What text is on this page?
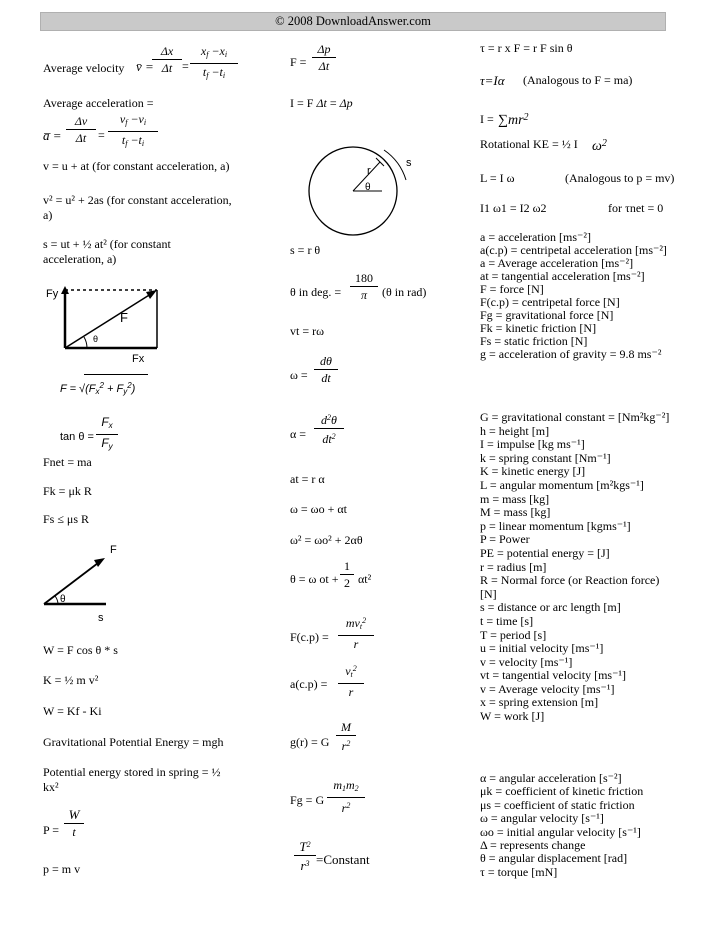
© 2008 DownloadAnswer.com
Average velocity v̄ =
Δx
Δt =
$x_f -x_i$
$t_f -t_i$
Average acceleration =
a̅ =
Δv
Δt =
$v_f -v_i$
$t_f -t_i$
v = u + at (for constant acceleration, a)
v² = u² + 2as (for constant acceleration,
a)
s = ut + ½ at² (for constant
acceleration, a)
Fy
Fx
F
θ
$F = √(F_x^2 + F_y^2)$
tan θ =
$F_x$
$F_y$
Fnet = ma
Fk = μk R
Fs ≤ μs R
F
θ
s
W = F cos θ * s
K = ½ m v²
W = Kf - Ki
Gravitational Potential Energy = mgh
Potential energy stored in spring = ½
kx²
P =
W
t
p = m v
F =
Δp
Δt
I = F Δt = Δp
r
θ
s
s = r θ
θ in deg. =
180
π	(θ in rad)
vt = rω
ω =
dθ
dt
α =
$d^2\theta$
$dt^2$
at = r α
ω = ωo + αt
ω² = ωo² + 2αθ
θ = ω ot +
1
2 αt²
F(c.p) =
$mv_t^2$
r
a(c.p) =
$v_t^2$
r
g(r) = G
M
$r^2$
Fg = G
$m_1m_2$
$r^2$
$T^2$
$r^3$ =Constant
τ = r x F = r F sin θ
τ=Iα (Analogous to F = ma)
$I = \sum mr^2$
Rotational KE = ½ I $\omega^2$
L = I ω	(Analogous to p = mv)
I1 ω1 = I2 ω2	for τnet = 0
a = acceleration [ms⁻²]
a(c.p) = centripetal acceleration [ms⁻²]
a = Average acceleration [ms⁻²]
at = tangential acceleration [ms⁻²]
F = force [N]
F(c.p) = centripetal force [N]
Fg = gravitational force [N]
Fk = kinetic friction [N]
Fs = static friction [N]
g = acceleration of gravity = 9.8 ms⁻²
G = gravitational constant = [Nm²kg⁻²]
h = height [m]
I = impulse [kg ms⁻¹]
k = spring constant [Nm⁻¹]
K = kinetic energy [J]
L = angular momentum [m²kgs⁻¹]
m = mass [kg]
M = mass [kg]
p = linear momentum [kgms⁻¹]
P = Power
PE = potential energy = [J]
r = radius [m]
R = Normal force (or Reaction force)
[N]
s = distance or arc length [m]
t = time [s]
T = period [s]
u = initial velocity [ms⁻¹]
v = velocity [ms⁻¹]
vt = tangential velocity [ms⁻¹]
v = Average velocity [ms⁻¹]
x = spring extension [m]
W = work [J]
α = angular acceleration [s⁻²]
μk = coefficient of kinetic friction
μs = coefficient of static friction
ω = angular velocity [s⁻¹]
ωo = initial angular velocity [s⁻¹]
Δ = represents change
θ = angular displacement [rad]
τ = torque [mN]
